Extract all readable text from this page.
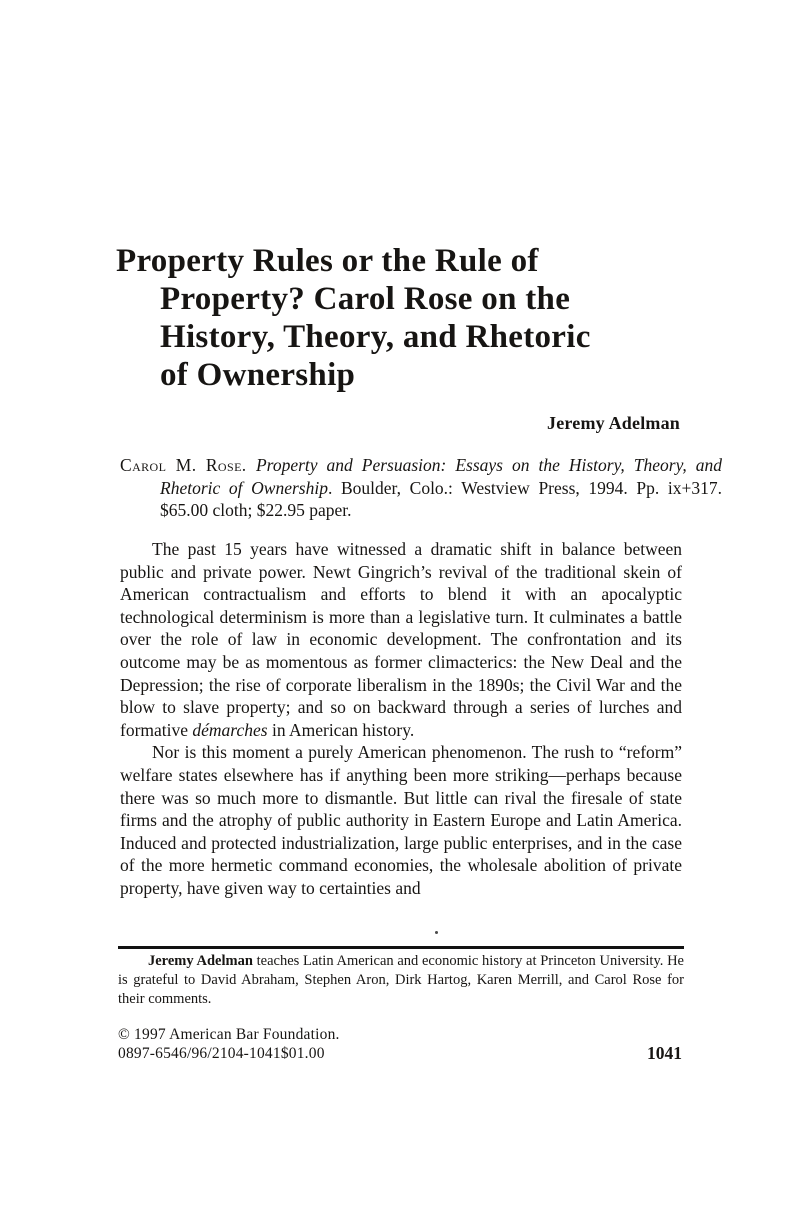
Property Rules or the Rule of
Property? Carol Rose on the
History, Theory, and Rhetoric
of Ownership
Jeremy Adelman

Carol M. Rose. Property and Persuasion: Essays on the History, Theory, and Rhetoric of Ownership. Boulder, Colo.: Westview Press, 1994. Pp. ix+317. $65.00 cloth; $22.95 paper.

The past 15 years have witnessed a dramatic shift in balance between public and private power. Newt Gingrich’s revival of the traditional skein of American contractualism and efforts to blend it with an apocalyptic technological determinism is more than a legislative turn. It culminates a battle over the role of law in economic development. The confrontation and its outcome may be as momentous as former climacterics: the New Deal and the Depression; the rise of corporate liberalism in the 1890s; the Civil War and the blow to slave property; and so on backward through a series of lurches and formative démarches in American history.

Nor is this moment a purely American phenomenon. The rush to “reform” welfare states elsewhere has if anything been more striking—perhaps because there was so much more to dismantle. But little can rival the firesale of state firms and the atrophy of public authority in Eastern Europe and Latin America. Induced and protected industrialization, large public enterprises, and in the case of the more hermetic command economies, the wholesale abolition of private property, have given way to certainties and

Jeremy Adelman teaches Latin American and economic history at Princeton University. He is grateful to David Abraham, Stephen Aron, Dirk Hartog, Karen Merrill, and Carol Rose for their comments.

© 1997 American Bar Foundation.
0897-6546/96/2104-1041$01.00	1041
